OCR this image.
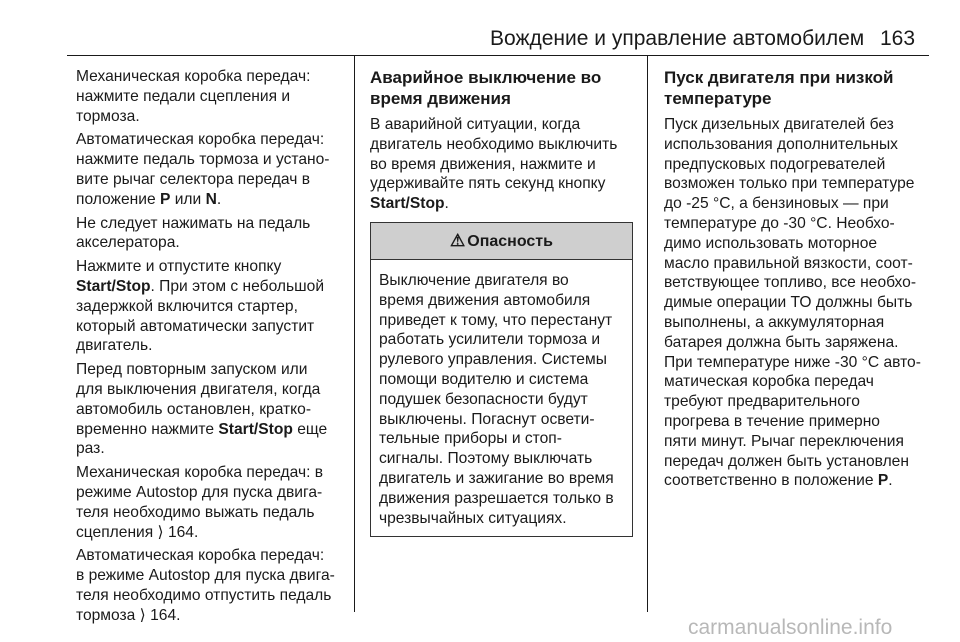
Вождение и управление автомобилем 163
Механическая коробка передач:
нажмите педали сцепления и
тормоза.
Автоматическая коробка передач:
нажмите педаль тормоза и устано-
вите рычаг селектора передач в
положение P или N.
Не следует нажимать на педаль
акселератора.
Нажмите и отпустите кнопку
Start/Stop. При этом с небольшой
задержкой включится стартер,
который автоматически запустит
двигатель.
Перед повторным запуском или
для выключения двигателя, когда
автомобиль остановлен, кратко-
временно нажмите Start/Stop еще
раз.
Механическая коробка передач: в
режиме Autostop для пуска двига-
теля необходимо выжать педаль
сцепления ⟩ 164.
Автоматическая коробка передач:
в режиме Autostop для пуска двига-
теля необходимо отпустить педаль
тормоза ⟩ 164.
Аварийное выключение во
время движения
В аварийной ситуации, когда
двигатель необходимо выключить
во время движения, нажмите и
удерживайте пять секунд кнопку
Start/Stop.
⚠ Опасность
Выключение двигателя во
время движения автомобиля
приведет к тому, что перестанут
работать усилители тормоза и
рулевого управления. Системы
помощи водителю и система
подушек безопасности будут
выключены. Погаснут освети-
тельные приборы и стоп-
сигналы. Поэтому выключать
двигатель и зажигание во время
движения разрешается только в
чрезвычайных ситуациях.
Пуск двигателя при низкой
температуре
Пуск дизельных двигателей без
использования дополнительных
предпусковых подогревателей
возможен только при температуре
до -25 °C, а бензиновых — при
температуре до -30 °C. Необхо-
димо использовать моторное
масло правильной вязкости, соот-
ветствующее топливо, все необхо-
димые операции ТО должны быть
выполнены, а аккумуляторная
батарея должна быть заряжена.
При температуре ниже -30 °C авто-
матическая коробка передач
требуют предварительного
прогрева в течение примерно
пяти минут. Рычаг переключения
передач должен быть установлен
соответственно в положение P.
carmanualsonline.info
